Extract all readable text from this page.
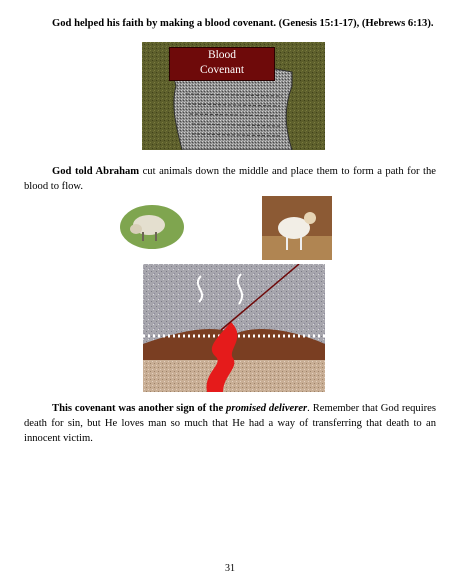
God helped his faith by making a blood covenant. (Genesis 15:1-17), (Hebrews 6:13).

Blood
Covenant

God told Abraham cut animals down the middle and place them to form a path for the blood to flow.

This covenant was another sign of the promised deliverer. Remember that God requires death for sin, but He loves man so much that He had a way of transferring that death to an innocent victim.

31
